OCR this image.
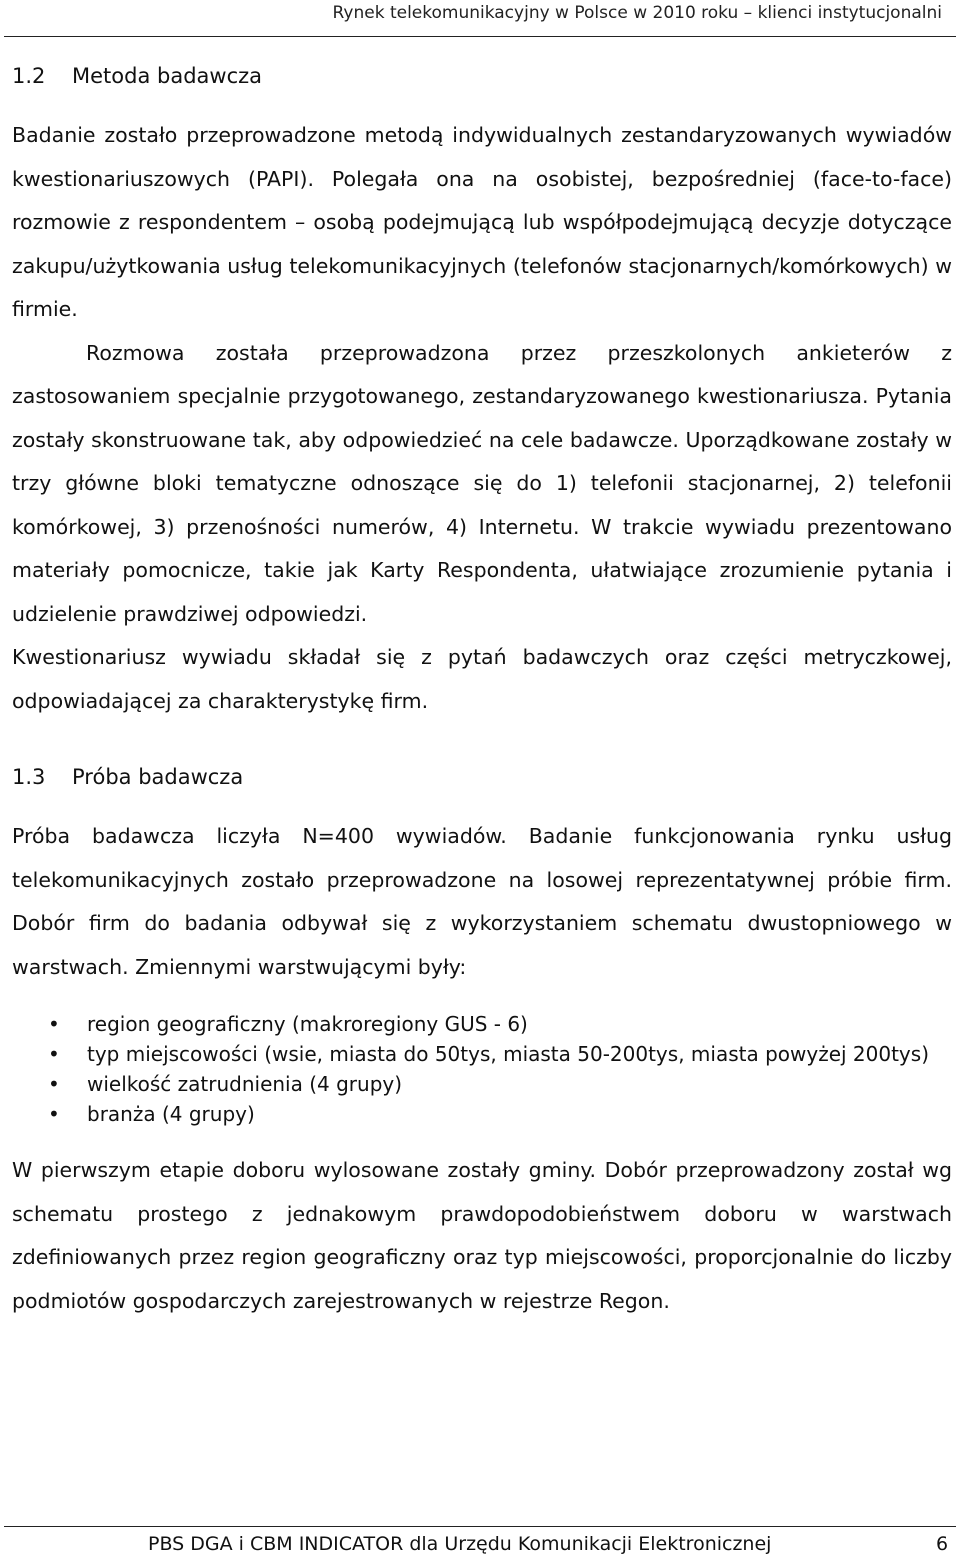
Rynek telekomunikacyjny w Polsce w 2010 roku – klienci instytucjonalni
1.2 Metoda badawcza

Badanie zostało przeprowadzone metodą indywidualnych zestandaryzowanych wywiadów kwestionariuszowych (PAPI). Polegała ona na osobistej, bezpośredniej (face-to-face) rozmowie z respondentem – osobą podejmującą lub współpodejmującą decyzje dotyczące zakupu/użytkowania usług telekomunikacyjnych (telefonów stacjonarnych/komórkowych) w firmie.

Rozmowa została przeprowadzona przez przeszkolonych ankieterów z zastosowaniem specjalnie przygotowanego, zestandaryzowanego kwestionariusza. Pytania zostały skonstruowane tak, aby odpowiedzieć na cele badawcze. Uporządkowane zostały w trzy główne bloki tematyczne odnoszące się do 1) telefonii stacjonarnej, 2) telefonii komórkowej, 3) przenośności numerów, 4) Internetu. W trakcie wywiadu prezentowano materiały pomocnicze, takie jak Karty Respondenta, ułatwiające zrozumienie pytania i udzielenie prawdziwej odpowiedzi.

Kwestionariusz wywiadu składał się z pytań badawczych oraz części metryczkowej, odpowiadającej za charakterystykę firm.

1.3 Próba badawcza

Próba badawcza liczyła N=400 wywiadów. Badanie funkcjonowania rynku usług telekomunikacyjnych zostało przeprowadzone na losowej reprezentatywnej próbie firm. Dobór firm do badania odbywał się z wykorzystaniem schematu dwustopniowego w warstwach. Zmiennymi warstwującymi były:

• region geograficzny (makroregiony GUS - 6)
• typ miejscowości (wsie, miasta do 50tys, miasta 50-200tys, miasta powyżej 200tys)
• wielkość zatrudnienia (4 grupy)
• branża (4 grupy)

W pierwszym etapie doboru wylosowane zostały gminy. Dobór przeprowadzony został wg schematu prostego z jednakowym prawdopodobieństwem doboru w warstwach zdefiniowanych przez region geograficzny oraz typ miejscowości, proporcjonalnie do liczby podmiotów gospodarczych zarejestrowanych w rejestrze Regon.

PBS DGA i CBM INDICATOR dla Urzędu Komunikacji Elektronicznej	6
